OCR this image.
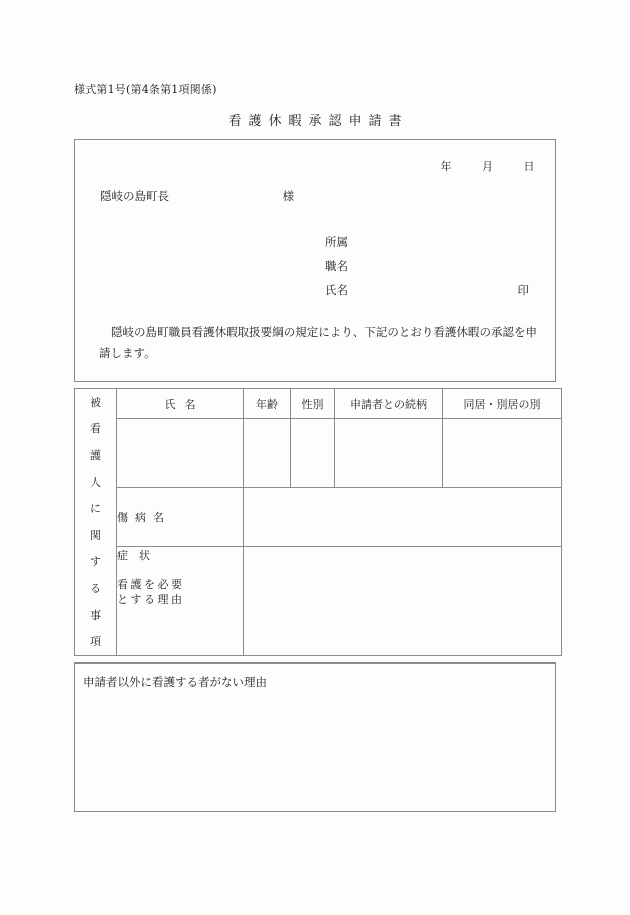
様式第1号(第4条第1項関係)
看護休暇承認申請書
年	月	日
隠岐の島町長	様
所属
職名
氏名	印
隠岐の島町職員看護休暇取扱要綱の規定により、下記のとおり看護休暇の承認を申請します。
被
看
護
人
に
関
す
る
事
項
	氏名	年齢	性別	申請者との続柄	同居・別居の別

	傷病名				

	症　状
看護を必要
とする理由				

申請者以外に看護する者がない理由
